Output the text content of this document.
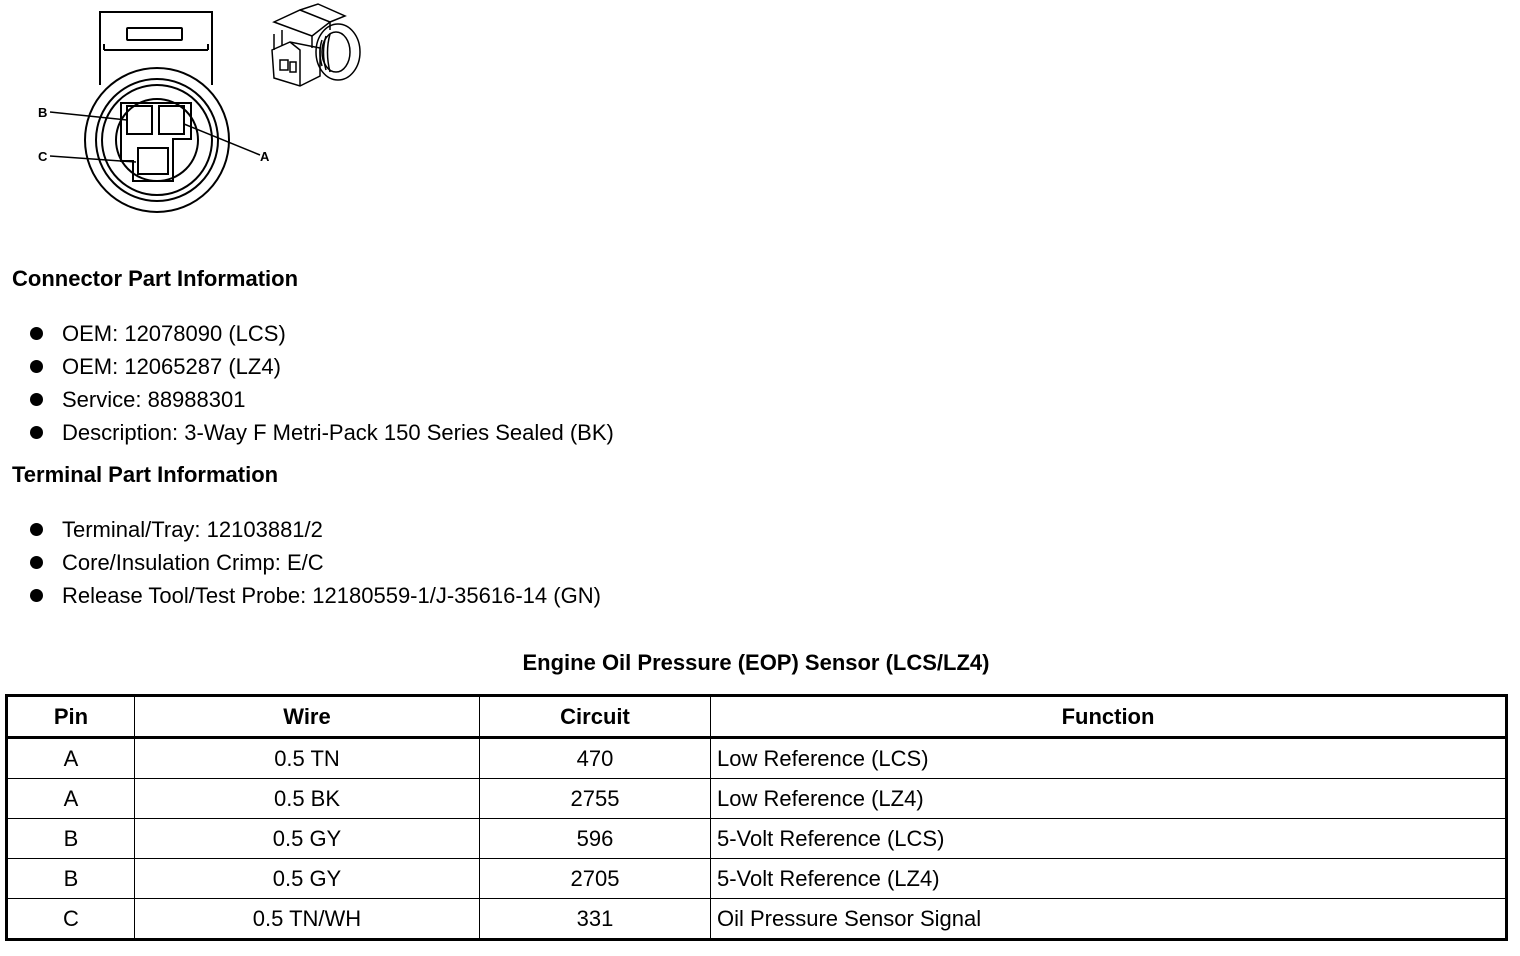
B
C	A
Connector Part Information
OEM: 12078090 (LCS)
OEM: 12065287 (LZ4)
Service: 88988301
Description: 3-Way F Metri-Pack 150 Series Sealed (BK)
Terminal Part Information
Terminal/Tray: 12103881/2
Core/Insulation Crimp: E/C
Release Tool/Test Probe: 12180559-1/J-35616-14 (GN)
Engine Oil Pressure (EOP) Sensor (LCS/LZ4)
Pin	Wire	Circuit	Function
A	0.5 TN	470	Low Reference (LCS)
A	0.5 BK	2755	Low Reference (LZ4)
B	0.5 GY	596	5-Volt Reference (LCS)
B	0.5 GY	2705	5-Volt Reference (LZ4)
C	0.5 TN/WH	331	Oil Pressure Sensor Signal
